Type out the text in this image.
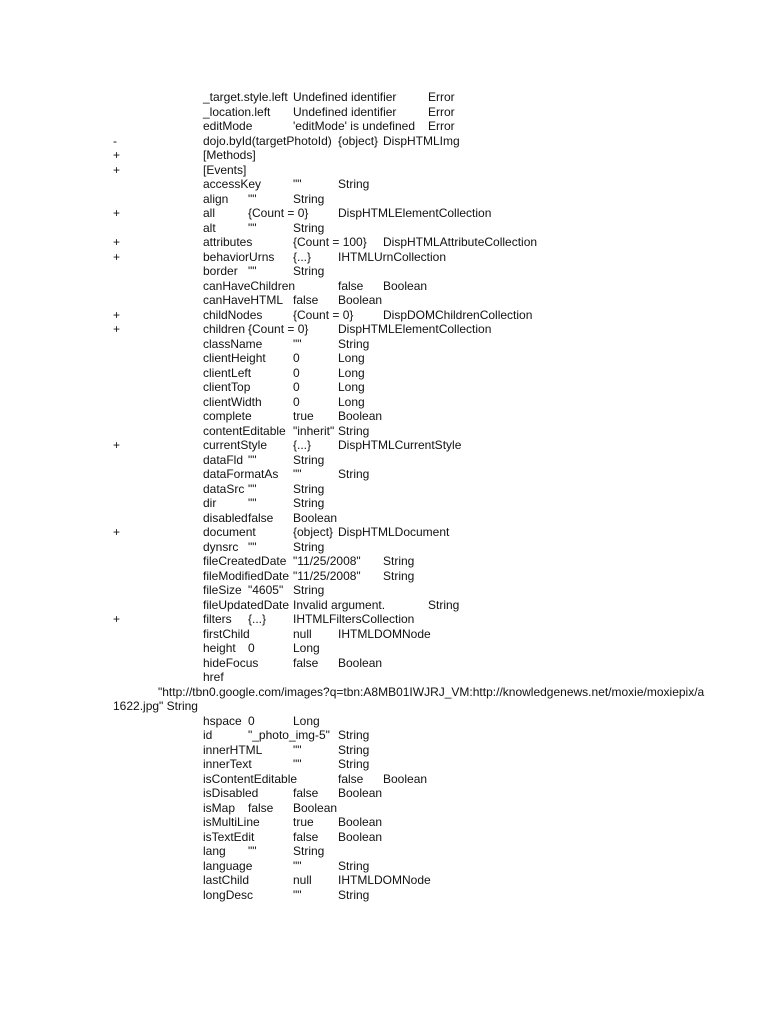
_target.style.left Undefined identifier	Error
_location.left Undefined identifier	Error
editMode	'editMode' is undefined Error
-	dojo.byId(targetPhotoId) {object} DispHTMLImg
+	[Methods]
+	[Events]
accessKey	""	String
align ""	String
+	all	{Count = 0} DispHTMLElementCollection
alt	""	String
+	attributes	{Count = 100} DispHTMLAttributeCollection
+	behaviorUrns {...} IHTMLUrnCollection
border ""	String
canHaveChildren	false Boolean
canHaveHTML false Boolean
+	childNodes	{Count = 0} DispDOMChildrenCollection
+	children {Count = 0} DispHTMLElementCollection
className	""	String
clientHeight 0	Long
clientLeft	0	Long
clientTop	0	Long
clientWidth	0	Long
complete	true Boolean
contentEditable "inherit" String
+	currentStyle {...} DispHTMLCurrentStyle
dataFld ""	String
dataFormatAs ""	String
dataSrc ""	String
dir	""	String
disabled false Boolean
+	document	{object} DispHTMLDocument
dynsrc ""	String
fileCreatedDate "11/25/2008" String
fileModifiedDate "11/25/2008" String
fileSize "4605" String
fileUpdatedDate Invalid argument.	String
+	filters {...} IHTMLFiltersCollection
firstChild	null IHTMLDOMNode
height 0	Long
hideFocus	false Boolean
href
"http://tbn0.google.com/images?q=tbn:A8MB01IWJRJ_VM:http://knowledgenews.net/moxie/moxiepix/a1622.jpg" String
hspace 0	Long
id	"_photo_img-5" String
innerHTML	""	String
innerText	""	String
isContentEditable	false Boolean
isDisabled	false Boolean
isMap false Boolean
isMultiLine	true Boolean
isTextEdit	false Boolean
lang ""	String
language	""	String
lastChild	null IHTMLDOMNode
longDesc	""	String
